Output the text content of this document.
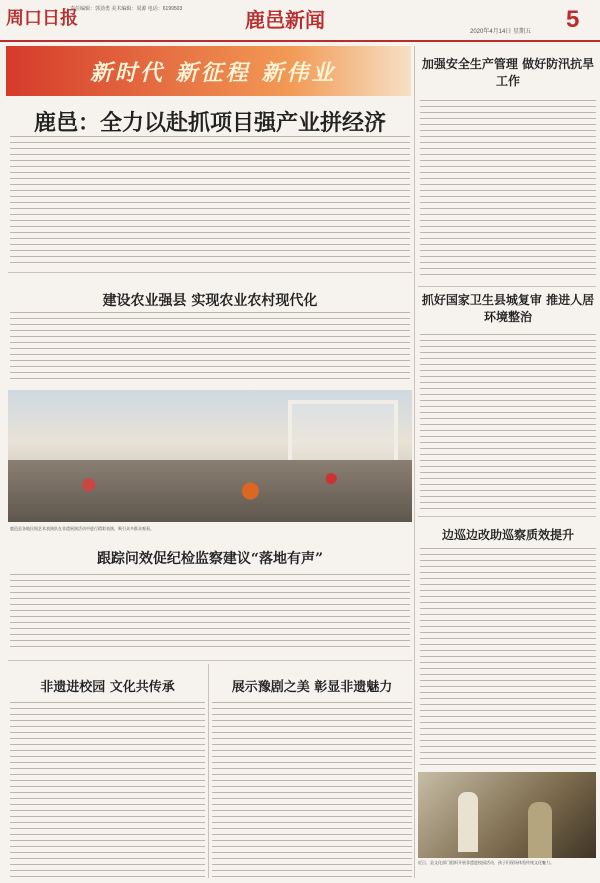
周口日报
责任编辑：郭劲勇 美术编辑：周源 电话：6199503	鹿邑新闻	2020年4月14日 星期五 5
新时代 新征程 新伟业
鹿邑：全力以赴抓项目强产业拼经济
建设农业强县 实现农业农村现代化
鹿邑县各地民间艺术表演队在非遗展演活动中进行精彩表演，吸引众多群众观看。
跟踪问效促纪检监察建议“落地有声”
非遗进校园 文化共传承	展示豫剧之美 彰显非遗魅力
加强安全生产管理 做好防汛抗旱工作
抓好国家卫生县城复审 推进人居环境整治
边巡边改助巡察质效提升
近日，县文化部门组织开展非遗进校园活动，孩子们现场体验传统文化魅力。
